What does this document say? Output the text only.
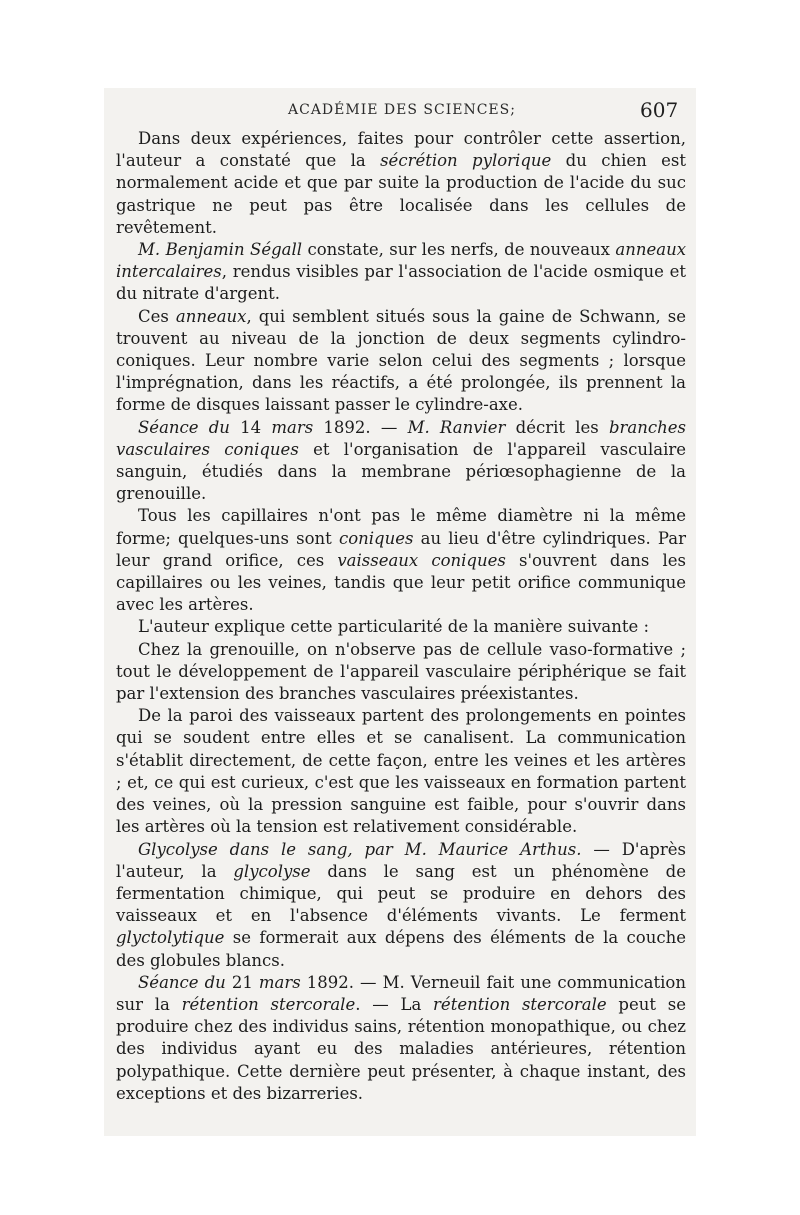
ACADÉMIE DES SCIENCES;	607

Dans deux expériences, faites pour contrôler cette assertion, l'auteur a constaté que la sécrétion pylorique du chien est normalement acide et que par suite la production de l'acide du suc gastrique ne peut pas être localisée dans les cellules de revêtement.

M. Benjamin Ségall constate, sur les nerfs, de nouveaux anneaux intercalaires, rendus visibles par l'association de l'acide osmique et du nitrate d'argent.

Ces anneaux, qui semblent situés sous la gaine de Schwann, se trouvent au niveau de la jonction de deux segments cylindro-coniques. Leur nombre varie selon celui des segments ; lorsque l'imprégnation, dans les réactifs, a été prolongée, ils prennent la forme de disques laissant passer le cylindre-axe.

Séance du 14 mars 1892. — M. Ranvier décrit les branches vasculaires coniques et l'organisation de l'appareil vasculaire sanguin, étudiés dans la membrane périœsophagienne de la grenouille.

Tous les capillaires n'ont pas le même diamètre ni la même forme; quelques-uns sont coniques au lieu d'être cylindriques. Par leur grand orifice, ces vaisseaux coniques s'ouvrent dans les capillaires ou les veines, tandis que leur petit orifice communique avec les artères.

L'auteur explique cette particularité de la manière suivante :

Chez la grenouille, on n'observe pas de cellule vaso-formative ; tout le développement de l'appareil vasculaire périphérique se fait par l'extension des branches vasculaires préexistantes.

De la paroi des vaisseaux partent des prolongements en pointes qui se soudent entre elles et se canalisent. La communication s'établit directement, de cette façon, entre les veines et les artères ; et, ce qui est curieux, c'est que les vaisseaux en formation partent des veines, où la pression sanguine est faible, pour s'ouvrir dans les artères où la tension est relativement considérable.

Glycolyse dans le sang, par M. Maurice Arthus. — D'après l'auteur, la glycolyse dans le sang est un phénomène de fermentation chimique, qui peut se produire en dehors des vaisseaux et en l'absence d'éléments vivants. Le ferment glyctolytique se formerait aux dépens des éléments de la couche des globules blancs.

Séance du 21 mars 1892. — M. Verneuil fait une communication sur la rétention stercorale. — La rétention stercorale peut se produire chez des individus sains, rétention monopathique, ou chez des individus ayant eu des maladies antérieures, rétention polypathique. Cette dernière peut présenter, à chaque instant, des exceptions et des bizarreries.
